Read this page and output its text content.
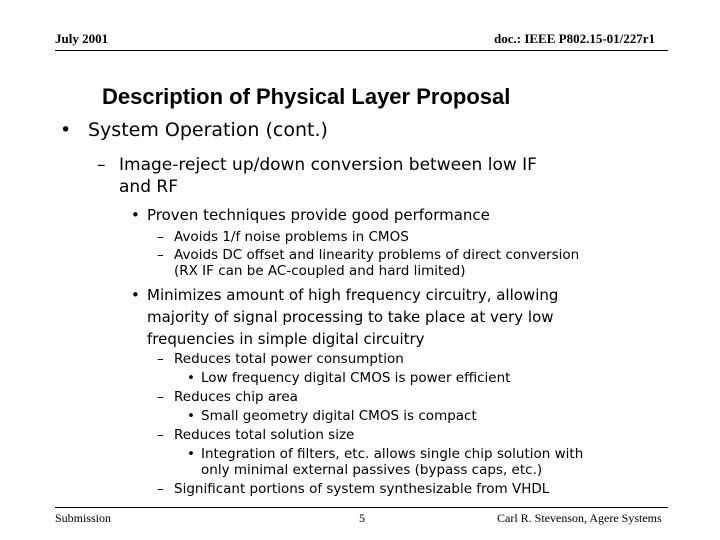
July 2001	doc.: IEEE P802.15-01/227r1
Description of Physical Layer Proposal
• System Operation (cont.)
– Image-reject up/down conversion between low IF
and RF
• Proven techniques provide good performance
– Avoids 1/f noise problems in CMOS
– Avoids DC offset and linearity problems of direct conversion
(RX IF can be AC-coupled and hard limited)
• Minimizes amount of high frequency circuitry, allowing
majority of signal processing to take place at very low
frequencies in simple digital circuitry
– Reduces total power consumption
• Low frequency digital CMOS is power efficient
– Reduces chip area
• Small geometry digital CMOS is compact
– Reduces total solution size
• Integration of filters, etc. allows single chip solution with
only minimal external passives (bypass caps, etc.)
– Significant portions of system synthesizable from VHDL
Submission	5	Carl R. Stevenson, Agere Systems
